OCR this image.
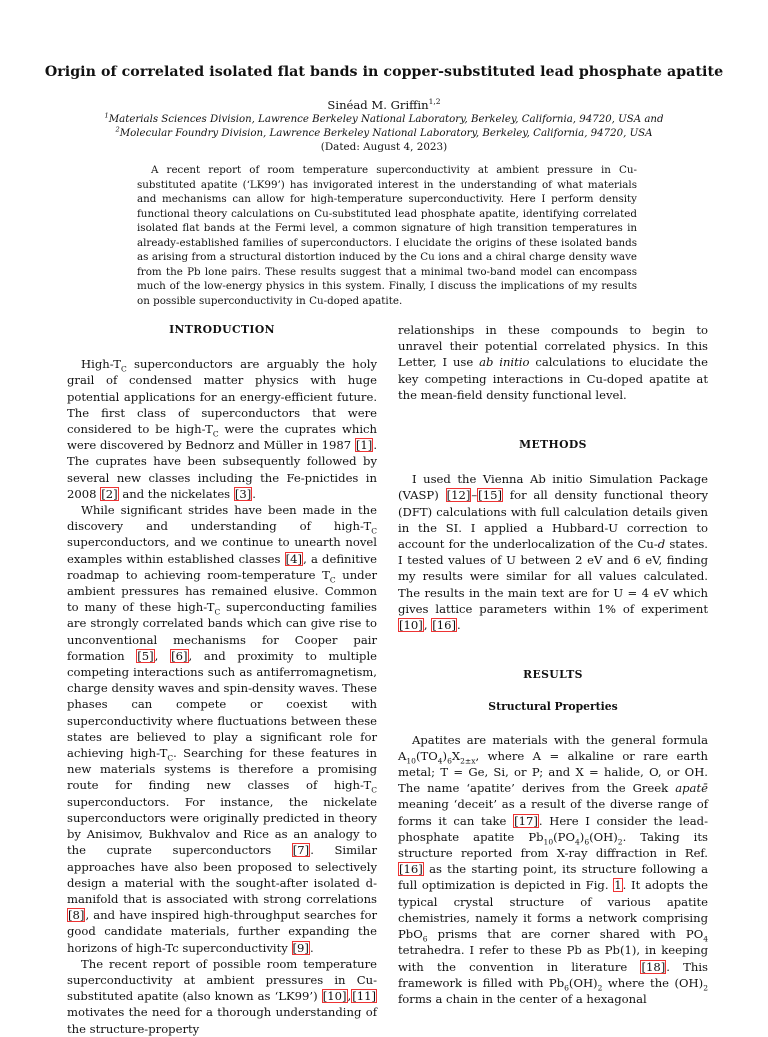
Origin of correlated isolated flat bands in copper-substituted lead phosphate apatite
Sinéad M. Griffin$^{1,2}$
$^1$Materials Sciences Division, Lawrence Berkeley National Laboratory, Berkeley, California, 94720, USA and
$^2$Molecular Foundry Division, Lawrence Berkeley National Laboratory, Berkeley, California, 94720, USA
(Dated: August 4, 2023)
A recent report of room temperature superconductivity at ambient pressure in Cu-substituted apatite (‘LK99’) has invigorated interest in the understanding of what materials and mechanisms can allow for high-temperature superconductivity. Here I perform density functional theory calculations on Cu-substituted lead phosphate apatite, identifying correlated isolated flat bands at the Fermi level, a common signature of high transition temperatures in already-established families of superconductors. I elucidate the origins of these isolated bands as arising from a structural distortion induced by the Cu ions and a chiral charge density wave from the Pb lone pairs. These results suggest that a minimal two-band model can encompass much of the low-energy physics in this system. Finally, I discuss the implications of my results on possible superconductivity in Cu-doped apatite.
INTRODUCTION

High-$T_C$ superconductors are arguably the holy grail of condensed matter physics with huge potential applications for an energy-efficient future. The first class of superconductors that were considered to be high-$T_C$ were the cuprates which were discovered by Bednorz and Müller in 1987 [1]. The cuprates have been subsequently followed by several new classes including the Fe-pnictides in 2008 [2] and the nickelates [3].

While significant strides have been made in the discovery and understanding of high-$T_C$ superconductors, and we continue to unearth novel examples within established classes [4], a definitive roadmap to achieving room-temperature $T_C$ under ambient pressures has remained elusive. Common to many of these high-$T_C$ superconducting families are strongly correlated bands which can give rise to unconventional mechanisms for Cooper pair formation [5], [6], and proximity to multiple competing interactions such as antiferromagnetism, charge density waves and spin-density waves. These phases can compete or coexist with superconductivity where fluctuations between these states are believed to play a significant role for achieving high-$T_C$. Searching for these features in new materials systems is therefore a promising route for finding new classes of high-$T_C$ superconductors. For instance, the nickelate superconductors were originally predicted in theory by Anisimov, Bukhvalov and Rice as an analogy to the cuprate superconductors [7]. Similar approaches have also been proposed to selectively design a material with the sought-after isolated d-manifold that is associated with strong correlations [8], and have inspired high-throughput searches for good candidate materials, further expanding the horizons of high-Tc superconductivity [9].

The recent report of possible room temperature superconductivity at ambient pressures in Cu-substituted apatite (also known as ‘LK99’) [10],[11] motivates the need for a thorough understanding of the structure-property

relationships in these compounds to begin to unravel their potential correlated physics. In this Letter, I use ab initio calculations to elucidate the key competing interactions in Cu-doped apatite at the mean-field density functional level.

METHODS

I used the Vienna Ab initio Simulation Package (VASP) [12]–[15] for all density functional theory (DFT) calculations with full calculation details given in the SI. I applied a Hubbard-U correction to account for the underlocalization of the Cu-d states. I tested values of U between 2 eV and 6 eV, finding my results were similar for all values calculated. The results in the main text are for U = 4 eV which gives lattice parameters within 1% of experiment [10], [16].

RESULTS
Structural Properties

Apatites are materials with the general formula $A_{10}(TO_4)_6X_{2\pm x}$, where A = alkaline or rare earth metal; T = Ge, Si, or P; and X = halide, O, or OH. The name ‘apatite’ derives from the Greek apatē meaning ‘deceit’ as a result of the diverse range of forms it can take [17]. Here I consider the lead-phosphate apatite $Pb_{10}(PO_4)_6(OH)_2$. Taking its structure reported from X-ray diffraction in Ref. [16] as the starting point, its structure following a full optimization is depicted in Fig. 1. It adopts the typical crystal structure of various apatite chemistries, namely it forms a network comprising PbO$_6$ prisms that are corner shared with $PO_4$ tetrahedra. I refer to these Pb as Pb(1), in keeping with the convention in literature [18]. This framework is filled with $Pb_6(OH)_2$ where the $(OH)_2$ forms a chain in the center of a hexagonal
